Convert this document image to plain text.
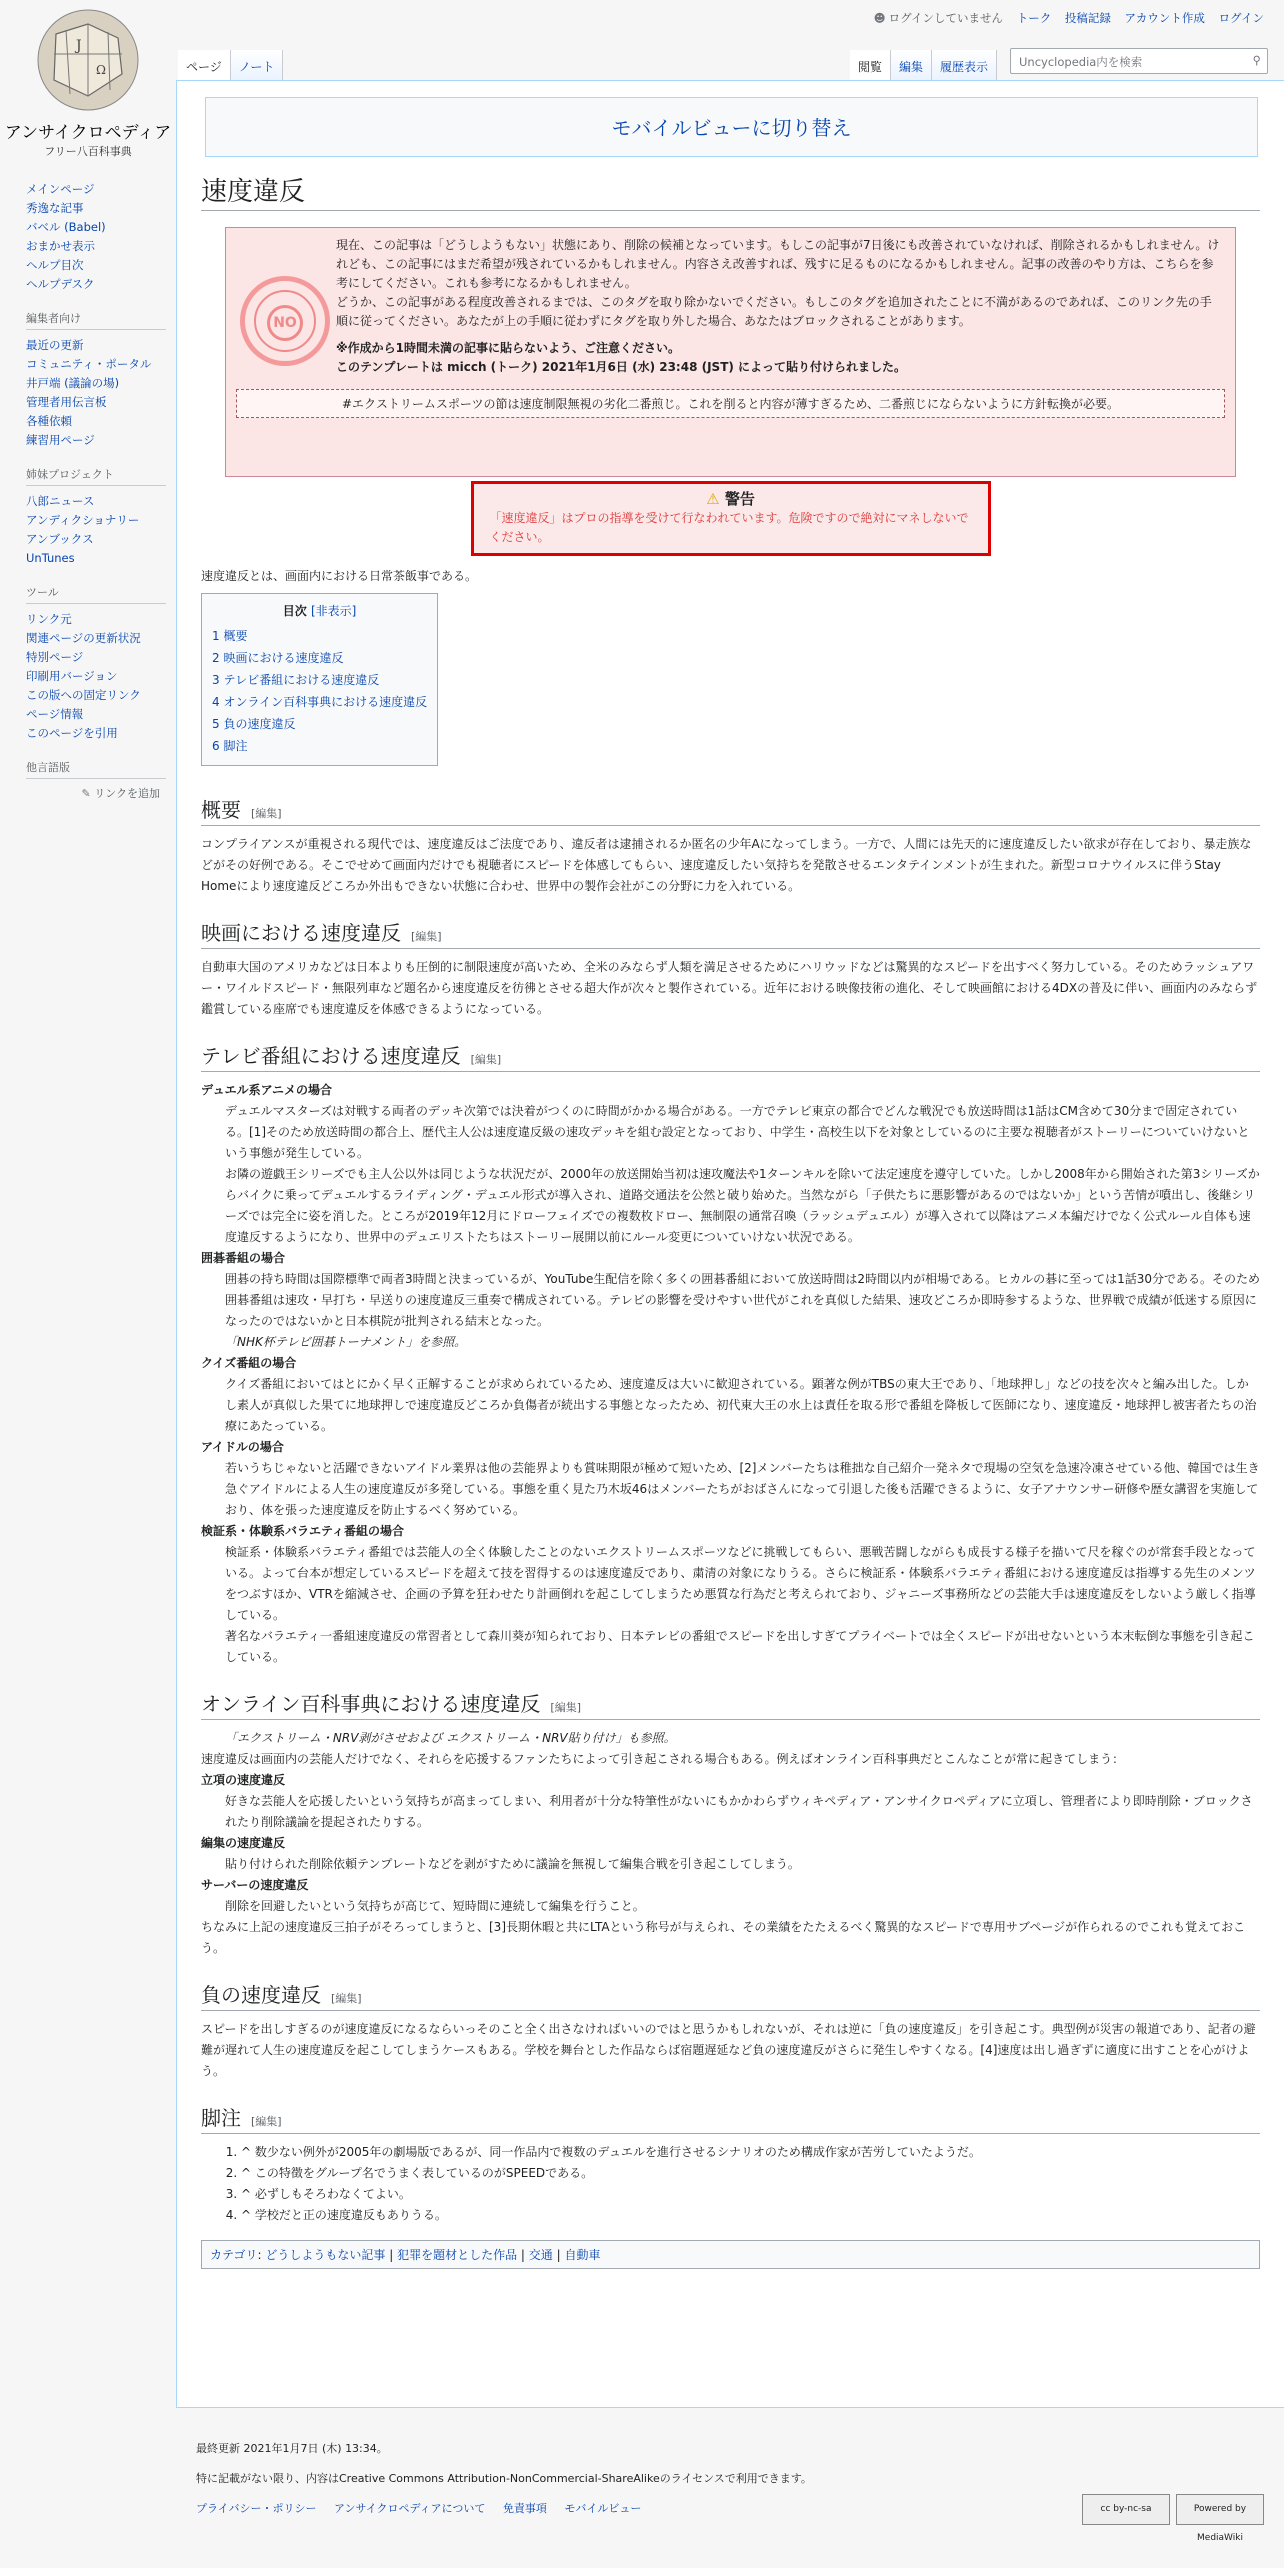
J
Ω
アンサイクロペディア
フリー八百科事典
☻ ログインしていません トーク 投稿記録 アカウント作成 ログイン
ページ	ノート	閲覧	編集	履歴表示	Uncyclopedia内を検索	⚲
メインページ
秀逸な記事
バベル (Babel)
おまかせ表示
ヘルプ目次
ヘルプデスク
編集者向け
最近の更新
コミュニティ・ポータル
井戸端 (議論の場)
管理者用伝言板
各種依頼
練習用ページ
姉妹プロジェクト
八郎ニュース
アンディクショナリー
アンブックス
UnTunes
ツール
リンク元
関連ページの更新状況
特別ページ
印刷用バージョン
この版への固定リンク
ページ情報
このページを引用
他言語版
✎ リンクを追加
モバイルビューに切り替え
速度違反
NO

現在、この記事は「どうしようもない」状態にあり、削除の候補となっています。もしこの記事が7日後にも改善されていなければ、削除されるかもしれません。けれども、この記事にはまだ希望が残されているかもしれません。内容さえ改善すれば、残すに足るものになるかもしれません。記事の改善のやり方は、こちらを参考にしてください。これも参考になるかもしれません。

どうか、この記事がある程度改善されるまでは、このタグを取り除かないでください。もしこのタグを追加されたことに不満があるのであれば、このリンク先の手順に従ってください。あなたが上の手順に従わずにタグを取り外した場合、あなたはブロックされることがあります。

※作成から1時間未満の記事に貼らないよう、ご注意ください。

このテンプレートは micch (トーク) 2021年1月6日 (水) 23:48 (JST) によって貼り付けられました。

#エクストリームスポーツの節は速度制限無視の劣化二番煎じ。これを削ると内容が薄すぎるため、二番煎じにならないように方針転換が必要。
⚠ 警告
「速度違反」はプロの指導を受けて行なわれています。危険ですので絶対にマネしないでください。

速度違反とは、画面内における日常茶飯事である。

目次 [非表示]
1 概要
2 映画における速度違反
3 テレビ番組における速度違反
4 オンライン百科事典における速度違反
5 負の速度違反
6 脚注
概要 [編集]

コンプライアンスが重視される現代では、速度違反はご法度であり、違反者は逮捕されるか匿名の少年Aになってしまう。一方で、人間には先天的に速度違反したい欲求が存在しており、暴走族などがその好例である。そこでせめて画面内だけでも視聴者にスピードを体感してもらい、速度違反したい気持ちを発散させるエンタテインメントが生まれた。新型コロナウイルスに伴うStay Homeにより速度違反どころか外出もできない状態に合わせ、世界中の製作会社がこの分野に力を入れている。

映画における速度違反 [編集]

自動車大国のアメリカなどは日本よりも圧倒的に制限速度が高いため、全米のみならず人類を満足させるためにハリウッドなどは驚異的なスピードを出すべく努力している。そのためラッシュアワー・ワイルドスピード・無限列車など題名から速度違反を彷彿とさせる超大作が次々と製作されている。近年における映像技術の進化、そして映画館における4DXの普及に伴い、画面内のみならず鑑賞している座席でも速度違反を体感できるようになっている。

テレビ番組における速度違反 [編集]
デュエル系アニメの場合
デュエルマスターズは対戦する両者のデッキ次第では決着がつくのに時間がかかる場合がある。一方でテレビ東京の都合でどんな戦況でも放送時間は1話はCM含めて30分まで固定されている。[1]そのため放送時間の都合上、歴代主人公は速度違反級の速攻デッキを組む設定となっており、中学生・高校生以下を対象としているのに主要な視聴者がストーリーについていけないという事態が発生している。
お隣の遊戯王シリーズでも主人公以外は同じような状況だが、2000年の放送開始当初は速攻魔法や1ターンキルを除いて法定速度を遵守していた。しかし2008年から開始された第3シリーズからバイクに乗ってデュエルするライディング・デュエル形式が導入され、道路交通法を公然と破り始めた。当然ながら「子供たちに悪影響があるのではないか」という苦情が噴出し、後継シリーズでは完全に姿を消した。ところが2019年12月にドローフェイズでの複数枚ドロー、無制限の通常召喚（ラッシュデュエル）が導入されて以降はアニメ本編だけでなく公式ルール自体も速度違反するようになり、世界中のデュエリストたちはストーリー展開以前にルール変更についていけない状況である。
囲碁番組の場合
囲碁の持ち時間は国際標準で両者3時間と決まっているが、YouTube生配信を除く多くの囲碁番組において放送時間は2時間以内が相場である。ヒカルの碁に至っては1話30分である。そのため囲碁番組は速攻・早打ち・早送りの速度違反三重奏で構成されている。テレビの影響を受けやすい世代がこれを真似した結果、速攻どころか即時参するような、世界戦で成績が低迷する原因になったのではないかと日本棋院が批判される結末となった。
「NHK杯テレビ囲碁トーナメント」を参照。
クイズ番組の場合
クイズ番組においてはとにかく早く正解することが求められているため、速度違反は大いに歓迎されている。顕著な例がTBSの東大王であり、「地球押し」などの技を次々と編み出した。しかし素人が真似した果てに地球押しで速度違反どころか負傷者が続出する事態となったため、初代東大王の水上は責任を取る形で番組を降板して医師になり、速度違反・地球押し被害者たちの治療にあたっている。
アイドルの場合
若いうちじゃないと活躍できないアイドル業界は他の芸能界よりも賞味期限が極めて短いため、[2]メンバーたちは稚拙な自己紹介一発ネタで現場の空気を急速冷凍させている他、韓国では生き急ぐアイドルによる人生の速度違反が多発している。事態を重く見た乃木坂46はメンバーたちがおばさんになって引退した後も活躍できるように、女子アナウンサー研修や歴女講習を実施しており、体を張った速度違反を防止するべく努めている。
検証系・体験系バラエティ番組の場合
検証系・体験系バラエティ番組では芸能人の全く体験したことのないエクストリームスポーツなどに挑戦してもらい、悪戦苦闘しながらも成長する様子を描いて尺を稼ぐのが常套手段となっている。よって台本が想定しているスピードを超えて技を習得するのは速度違反であり、粛清の対象になりうる。さらに検証系・体験系バラエティ番組における速度違反は指導する先生のメンツをつぶすほか、VTRを縮減させ、企画の予算を狂わせたり計画倒れを起こしてしまうため悪質な行為だと考えられており、ジャニーズ事務所などの芸能大手は速度違反をしないよう厳しく指導している。
著名なバラエティ一番組速度違反の常習者として森川葵が知られており、日本テレビの番組でスピードを出しすぎてプライベートでは全くスピードが出せないという本末転倒な事態を引き起こしている。
オンライン百科事典における速度違反 [編集]
「エクストリーム・NRV剥がさせおよび エクストリーム・NRV貼り付け」も参照。

速度違反は画面内の芸能人だけでなく、それらを応援するファンたちによって引き起こされる場合もある。例えばオンライン百科事典だとこんなことが常に起きてしまう：

立項の速度違反
好きな芸能人を応援したいという気持ちが高まってしまい、利用者が十分な特筆性がないにもかかわらずウィキペディア・アンサイクロペディアに立項し、管理者により即時削除・ブロックされたり削除議論を提起されたりする。
編集の速度違反
貼り付けられた削除依頼テンプレートなどを剥がすために議論を無視して編集合戦を引き起こしてしまう。
サーバーの速度違反
削除を回避したいという気持ちが高じて、短時間に連続して編集を行うこと。

ちなみに上記の速度違反三拍子がそろってしまうと、[3]長期休暇と共にLTAという称号が与えられ、その業績をたたえるべく驚異的なスピードで専用サブページが作られるのでこれも覚えておこう。

負の速度違反 [編集]

スピードを出しすぎるのが速度違反になるならいっそのこと全く出さなければいいのではと思うかもしれないが、それは逆に「負の速度違反」を引き起こす。典型例が災害の報道であり、記者の避難が遅れて人生の速度違反を起こしてしまうケースもある。学校を舞台とした作品ならば宿題遅延など負の速度違反がさらに発生しやすくなる。[4]速度は出し過ぎずに適度に出すことを心がけよう。

脚注 [編集]
1. ^ 数少ない例外が2005年の劇場版であるが、同一作品内で複数のデュエルを進行させるシナリオのため構成作家が苦労していたようだ。
2. ^ この特徴をグループ名でうまく表しているのがSPEEDである。
3. ^ 必ずしもそろわなくてよい。
4. ^ 学校だと正の速度違反もありうる。
カテゴリ: どうしようもない記事 | 犯罪を題材とした作品 | 交通 | 自動車
最終更新 2021年1月7日 (木) 13:34。
特に記載がない限り、内容はCreative Commons Attribution-NonCommercial-ShareAlikeのライセンスで利用できます。
プライバシー・ポリシー アンサイクロペディアについて 免責事項 モバイルビュー	cc by-nc-sa	Powered by MediaWiki
